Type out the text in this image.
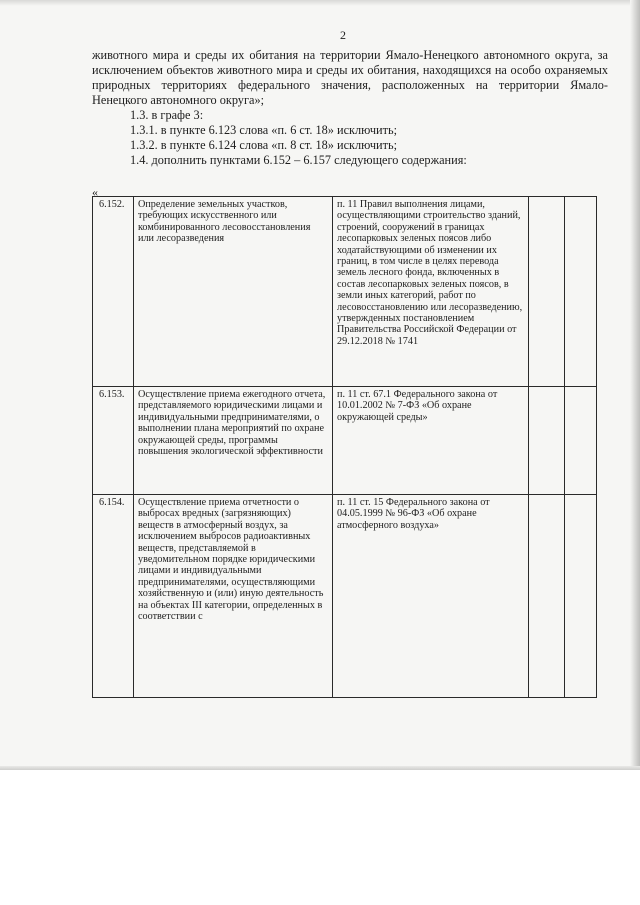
2

животного мира и среды их обитания на территории Ямало-Ненецкого автономного округа, за исключением объектов животного мира и среды их обитания, находящихся на особо охраняемых природных территориях федерального значения, расположенных на территории Ямало-Ненецкого автономного округа»;

1.3. в графе 3:

1.3.1. в пункте 6.123 слова «п. 6 ст. 18» исключить;

1.3.2. в пункте 6.124 слова «п. 8 ст. 18» исключить;

1.4. дополнить пунктами 6.152 – 6.157 следующего содержания:

«
6.152.	Определение земельных участков, требующих искусственного или комбинированного лесовосстановления или лесоразведения	п. 11 Правил выполнения лицами, осуществляющими строительство зданий, строений, сооружений в границах лесопарковых зеленых поясов либо ходатайствующими об изменении их границ, в том числе в целях перевода земель лесного фонда, включенных в состав лесопарковых зеленых поясов, в земли иных категорий, работ по лесовосстановлению или лесоразведению, утвержденных постановлением Правительства Российской Федерации от 29.12.2018 № 1741		
6.153.	Осуществление приема ежегодного отчета, представляемого юридическими лицами и индивидуальными предпринимателями, о выполнении плана мероприятий по охране окружающей среды, программы повышения экологической эффективности	п. 11 ст. 67.1 Федерального закона от 10.01.2002 № 7-ФЗ «Об охране окружающей среды»		
6.154.	Осуществление приема отчетности о выбросах вредных (загрязняющих) веществ в атмосферный воздух, за исключением выбросов радиоактивных веществ, представляемой в уведомительном порядке юридическими лицами и индивидуальными предпринимателями, осуществляющими хозяйственную и (или) иную деятельность на объектах III категории, определенных в соответствии с	п. 11 ст. 15 Федерального закона от 04.05.1999 № 96-ФЗ «Об охране атмосферного воздуха»		
